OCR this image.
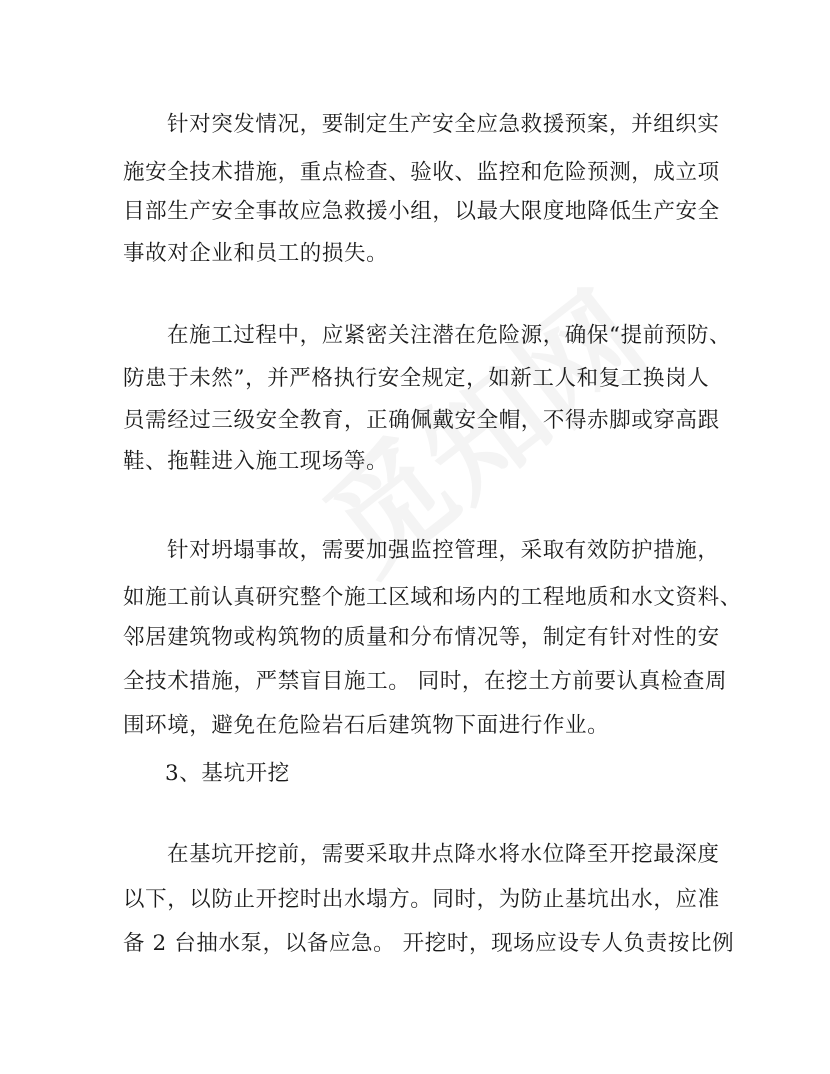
针对突发情况，要制定生产安全应急救援预案，并组织实
施安全技术措施，重点检查、验收、监控和危险预测，成立项
目部生产安全事故应急救援小组，以最大限度地降低生产安全
事故对企业和员工的损失。
在施工过程中，应紧密关注潜在危险源，确保“提前预防、
防患于未然”，并严格执行安全规定，如新工人和复工换岗人
员需经过三级安全教育，正确佩戴安全帽，不得赤脚或穿高跟
鞋、拖鞋进入施工现场等。
针对坍塌事故，需要加强监控管理，采取有效防护措施，
如施工前认真研究整个施工区域和场内的工程地质和水文资料、
邻居建筑物或构筑物的质量和分布情况等，制定有针对性的安
全技术措施，严禁盲目施工。 同时，在挖土方前要认真检查周
围环境，避免在危险岩石后建筑物下面进行作业。
3、基坑开挖
在基坑开挖前，需要采取井点降水将水位降至开挖最深度
以下，以防止开挖时出水塌方。同时，为防止基坑出水，应准
备 2 台抽水泵，以备应急。 开挖时，现场应设专人负责按比例
